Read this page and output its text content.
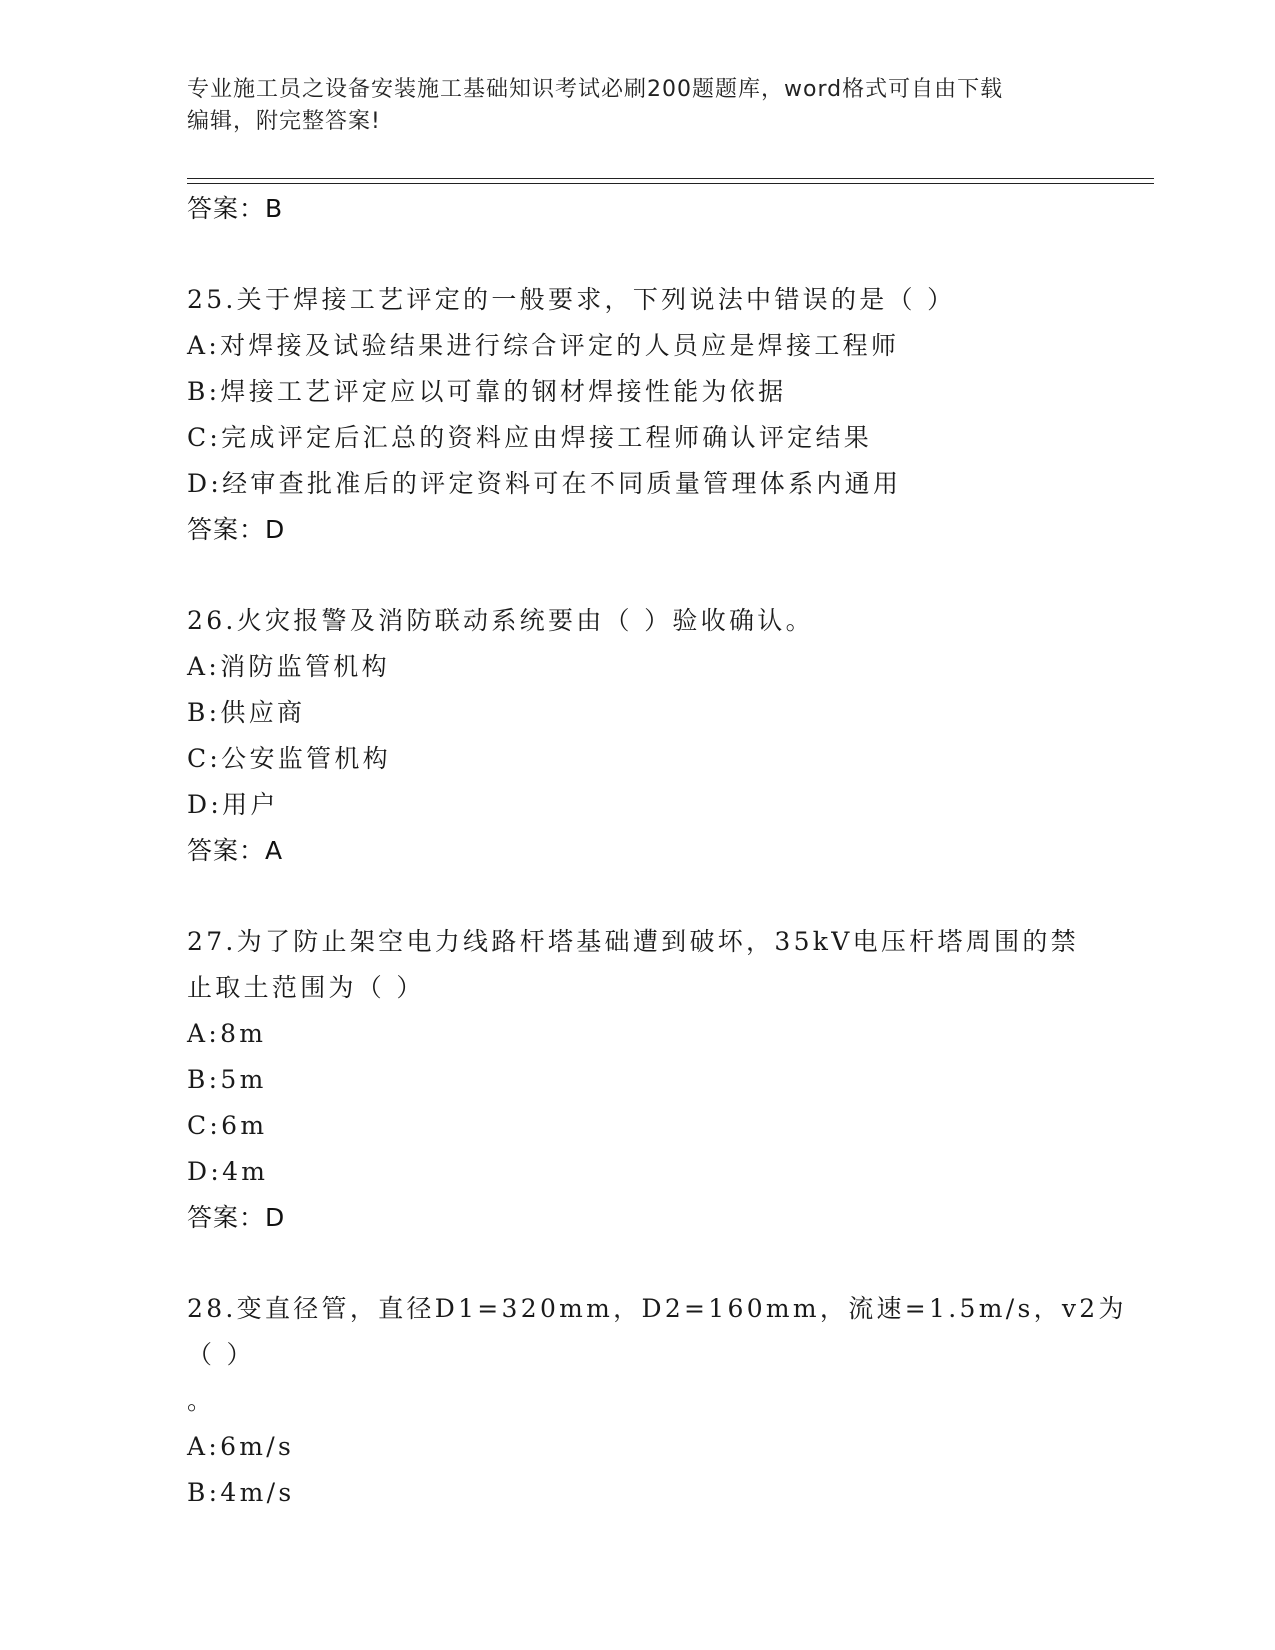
专业施工员之设备安装施工基础知识考试必刷200题题库，word格式可自由下载
编辑，附完整答案!
答案：B
25.关于焊接工艺评定的一般要求，下列说法中错误的是（ ）
A:对焊接及试验结果进行综合评定的人员应是焊接工程师
B:焊接工艺评定应以可靠的钢材焊接性能为依据
C:完成评定后汇总的资料应由焊接工程师确认评定结果
D:经审查批准后的评定资料可在不同质量管理体系内通用
答案：D
26.火灾报警及消防联动系统要由（ ）验收确认。
A:消防监管机构
B:供应商
C:公安监管机构
D:用户
答案：A
27.为了防止架空电力线路杆塔基础遭到破坏，35kV电压杆塔周围的禁
止取土范围为（ ）
A:8m
B:5m
C:6m
D:4m
答案：D
28.变直径管，直径D1=320mm，D2=160mm，流速=1.5m/s，v2为（ ）
。
A:6m/s
B:4m/s
